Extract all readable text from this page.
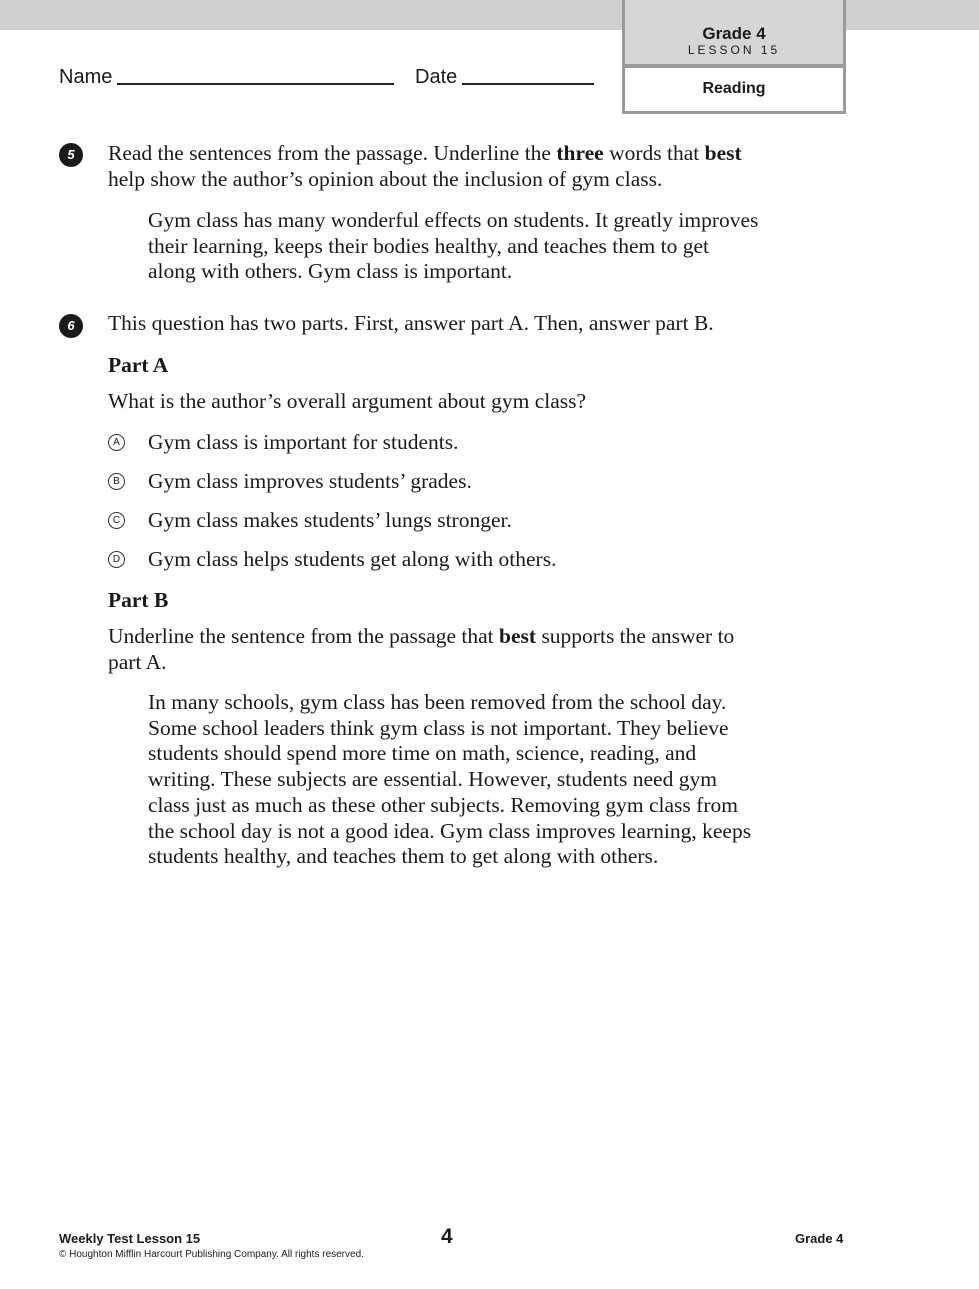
Grade 4
LESSON 15
Reading
Name	Date
5	Read the sentences from the passage. Underline the three words that best
help show the author’s opinion about the inclusion of gym class.
Gym class has many wonderful effects on students. It greatly improves
their learning, keeps their bodies healthy, and teaches them to get
along with others. Gym class is important.
6	This question has two parts. First, answer part A. Then, answer part B.
Part A
What is the author’s overall argument about gym class?
A Gym class is important for students.
B Gym class improves students’ grades.
C Gym class makes students’ lungs stronger.
D Gym class helps students get along with others.
Part B
Underline the sentence from the passage that best supports the answer to
part A.
In many schools, gym class has been removed from the school day.
Some school leaders think gym class is not important. They believe
students should spend more time on math, science, reading, and
writing. These subjects are essential. However, students need gym
class just as much as these other subjects. Removing gym class from
the school day is not a good idea. Gym class improves learning, keeps
students healthy, and teaches them to get along with others.
Weekly Test Lesson 15
© Houghton Mifflin Harcourt Publishing Company. All rights reserved.
4	Grade 4
